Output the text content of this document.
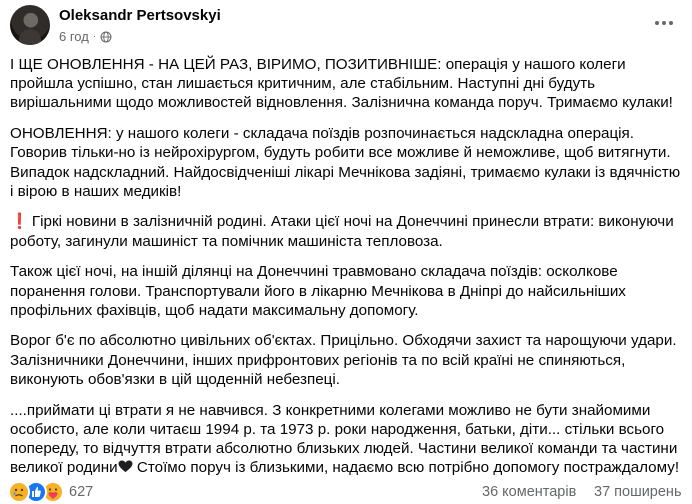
Oleksandr Pertsovskyi
6 год ·

І ЩЕ ОНОВЛЕННЯ - НА ЦЕЙ РАЗ, ВІРИМО, ПОЗИТИВНІШЕ: операція у нашого колеги пройшла успішно, стан лишається критичним, але стабільним. Наступні дні будуть вирішальними щодо можливостей відновлення. Залізнична команда поруч. Тримаємо кулаки!

ОНОВЛЕННЯ: у нашого колеги - складача поїздів розпочинається надскладна операція. Говорив тільки-но із нейрохірургом, будуть робити все можливе й неможливе, щоб витягнути. Випадок надскладний. Найдосвідченіші лікарі Мечнікова задіяні, тримаємо кулаки із вдячністю і вірою в наших медиків!

❗ Гіркі новини в залізничній родині. Атаки цієї ночі на Донеччині принесли втрати: виконуючи роботу, загинули машиніст та помічник машиніста тепловоза.

Також цієї ночі, на іншій ділянці на Донеччині травмовано складача поїздів: осколкове поранення голови. Транспортували його в лікарню Мечнікова в Дніпрі до найсильніших профільних фахівців, щоб надати максимальну допомогу.

Ворог б'є по абсолютно цивільних об'єктах. Прицільно. Обходячи захист та нарощуючи удари. Залізничники Донеччини, інших прифронтових регіонів та по всій країні не спиняються, виконують обов'язки в цій щоденній небезпеці.

....приймати ці втрати я не навчився. З конкретними колегами можливо не бути знайомими особисто, але коли читаєш 1994 р. та 1973 р. роки народження, батьки, діти... стільки всього попереду, то відчуття втрати абсолютно близьких людей. Частини великої команди та частини великої родини Стоїмо поруч із близькими, надаємо всю потрібно допомогу постраждалому!

627	36 коментарів 37 поширень
